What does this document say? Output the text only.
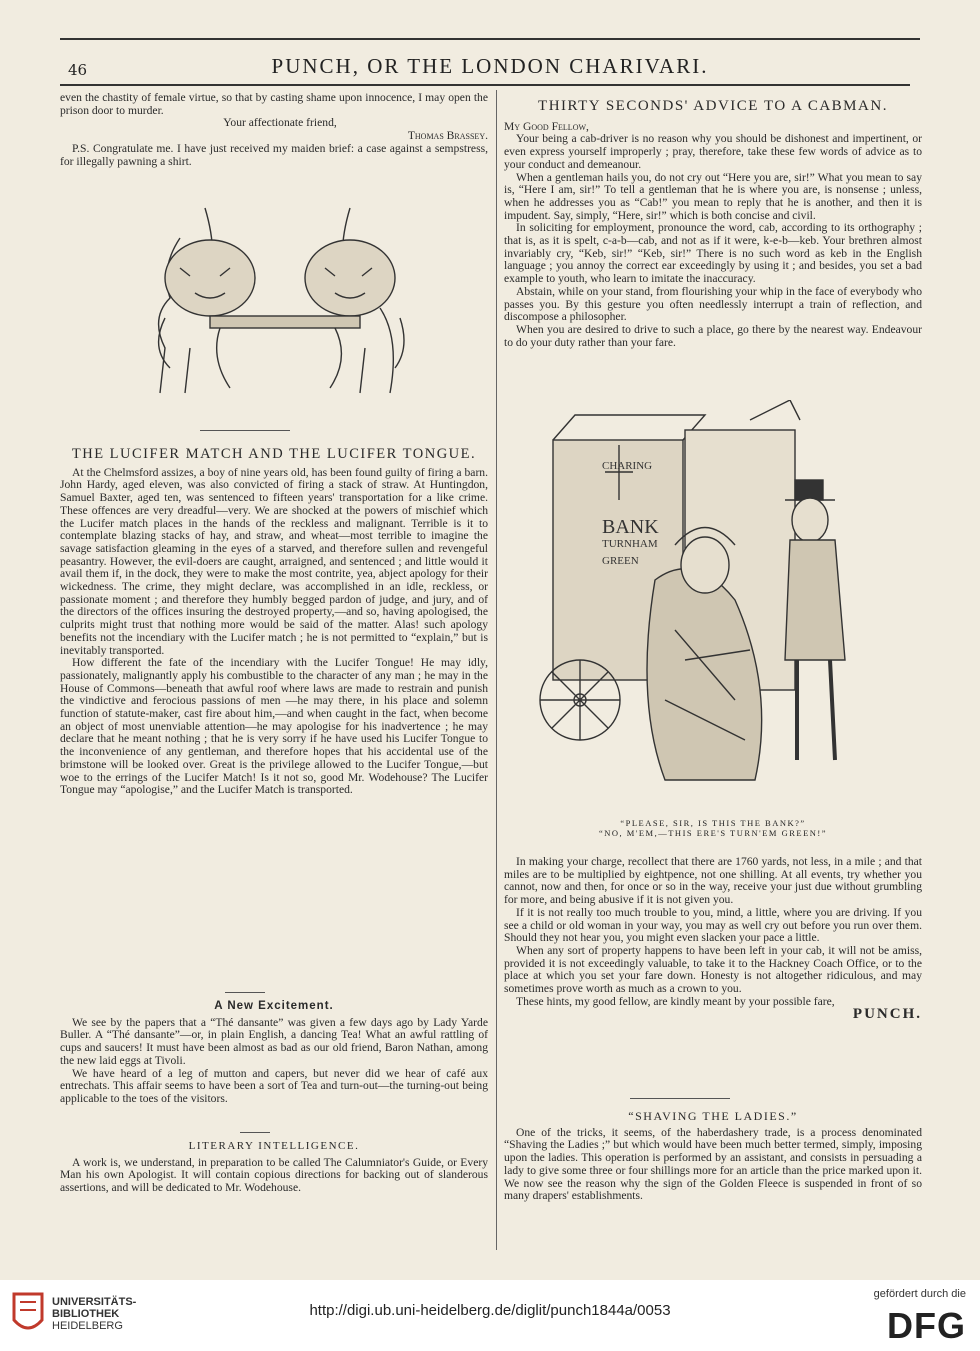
46	PUNCH, OR THE LONDON CHARIVARI.

even the chastity of female virtue, so that by casting shame upon innocence, I may open the prison door to murder.

Your affectionate friend,

Thomas Brassey.

P.S. Congratulate me. I have just received my maiden brief: a case against a sempstress, for illegally pawning a shirt.

THE LUCIFER MATCH AND THE LUCIFER TONGUE.

At the Chelmsford assizes, a boy of nine years old, has been found guilty of firing a barn. John Hardy, aged eleven, was also convicted of firing a stack of straw. At Huntingdon, Samuel Baxter, aged ten, was sentenced to fifteen years' transportation for a like crime. These offences are very dreadful—very. We are shocked at the powers of mischief which the Lucifer match places in the hands of the reckless and malignant. Terrible is it to contemplate blazing stacks of hay, and straw, and wheat—most terrible to imagine the savage satisfaction gleaming in the eyes of a starved, and therefore sullen and revengeful peasantry. However, the evil-doers are caught, arraigned, and sentenced ; and little would it avail them if, in the dock, they were to make the most contrite, yea, abject apology for their wickedness. The crime, they might declare, was accomplished in an idle, reckless, or passionate moment ; and therefore they humbly begged pardon of judge, and jury, and of the directors of the offices insuring the destroyed property,—and so, having apologised, the culprits might trust that nothing more would be said of the matter. Alas! such apology benefits not the incendiary with the Lucifer match ; he is not permitted to “explain,” but is inevitably transported.

How different the fate of the incendiary with the Lucifer Tongue! He may idly, passionately, malignantly apply his combustible to the character of any man ; he may in the House of Commons—beneath that awful roof where laws are made to restrain and punish the vindictive and ferocious passions of men —he may there, in his place and solemn function of statute-maker, cast fire about him,—and when caught in the fact, when become an object of most unenviable attention—he may apologise for his inadvertence ; he may declare that he meant nothing ; that he is very sorry if he have used his Lucifer Tongue to the inconvenience of any gentleman, and therefore hopes that his accidental use of the brimstone will be looked over. Great is the privilege allowed to the Lucifer Tongue,—but woe to the errings of the Lucifer Match! Is it not so, good Mr. Wodehouse? The Lucifer Tongue may “apologise,” and the Lucifer Match is transported.

A New Excitement.

We see by the papers that a “Thé dansante” was given a few days ago by Lady Yarde Buller. A “Thé dansante”—or, in plain English, a dancing Tea! What an awful rattling of cups and saucers! It must have been almost as bad as our old friend, Baron Nathan, among the new laid eggs at Tivoli.

We have heard of a leg of mutton and capers, but never did we hear of café aux entrechats. This affair seems to have been a sort of Tea and turn-out—the turning-out being applicable to the toes of the visitors.

LITERARY INTELLIGENCE.

A work is, we understand, in preparation to be called The Calumniator's Guide, or Every Man his own Apologist. It will contain copious directions for backing out of slanderous assertions, and will be dedicated to Mr. Wodehouse.

THIRTY SECONDS' ADVICE TO A CABMAN.

My Good Fellow,

Your being a cab-driver is no reason why you should be dishonest and impertinent, or even express yourself improperly ; pray, therefore, take these few words of advice as to your conduct and demeanour.

When a gentleman hails you, do not cry out “Here you are, sir!” What you mean to say is, “Here I am, sir!” To tell a gentleman that he is where you are, is nonsense ; unless, when he addresses you as “Cab!” you mean to reply that he is another, and then it is impudent. Say, simply, “Here, sir!” which is both concise and civil.

In soliciting for employment, pronounce the word, cab, according to its orthography ; that is, as it is spelt, c-a-b—cab, and not as if it were, k-e-b—keb. Your brethren almost invariably cry, “Keb, sir!” “Keb, sir!” There is no such word as keb in the English language ; you annoy the correct ear exceedingly by using it ; and besides, you set a bad example to youth, who learn to imitate the inaccuracy.

Abstain, while on your stand, from flourishing your whip in the face of everybody who passes you. By this gesture you often needlessly interrupt a train of reflection, and discompose a philosopher.

When you are desired to drive to such a place, go there by the nearest way. Endeavour to do your duty rather than your fare.

CHARING
BANK
TURNHAM
GREEN
“PLEASE, SIR, IS THIS THE BANK?”
“NO, M'EM,—THIS ERE'S TURN'EM GREEN!”

In making your charge, recollect that there are 1760 yards, not less, in a mile ; and that miles are to be multiplied by eightpence, not one shilling. At all events, try whether you cannot, now and then, for once or so in the way, receive your just due without grumbling for more, and being abusive if it is not given you.

If it is not really too much trouble to you, mind, a little, where you are driving. If you see a child or old woman in your way, you may as well cry out before you run over them. Should they not hear you, you might even slacken your pace a little.

When any sort of property happens to have been left in your cab, it will not be amiss, provided it is not exceedingly valuable, to take it to the Hackney Coach Office, or to the place at which you set your fare down. Honesty is not altogether ridiculous, and may sometimes prove worth as much as a crown to you.

These hints, my good fellow, are kindly meant by your possible fare,

PUNCH.
“SHAVING THE LADIES.”

One of the tricks, it seems, of the haberdashery trade, is a process denominated “Shaving the Ladies ;” but which would have been much better termed, simply, imposing upon the ladies. This operation is performed by an assistant, and consists in persuading a lady to give some three or four shillings more for an article than the price marked upon it. We now see the reason why the sign of the Golden Fleece is suspended in front of so many drapers' establishments.

UNIVERSITÄTS-
BIBLIOTHEK
HEIDELBERG
http://digi.ub.uni-heidelberg.de/diglit/punch1844a/0053
gefördert durch die
DFG
